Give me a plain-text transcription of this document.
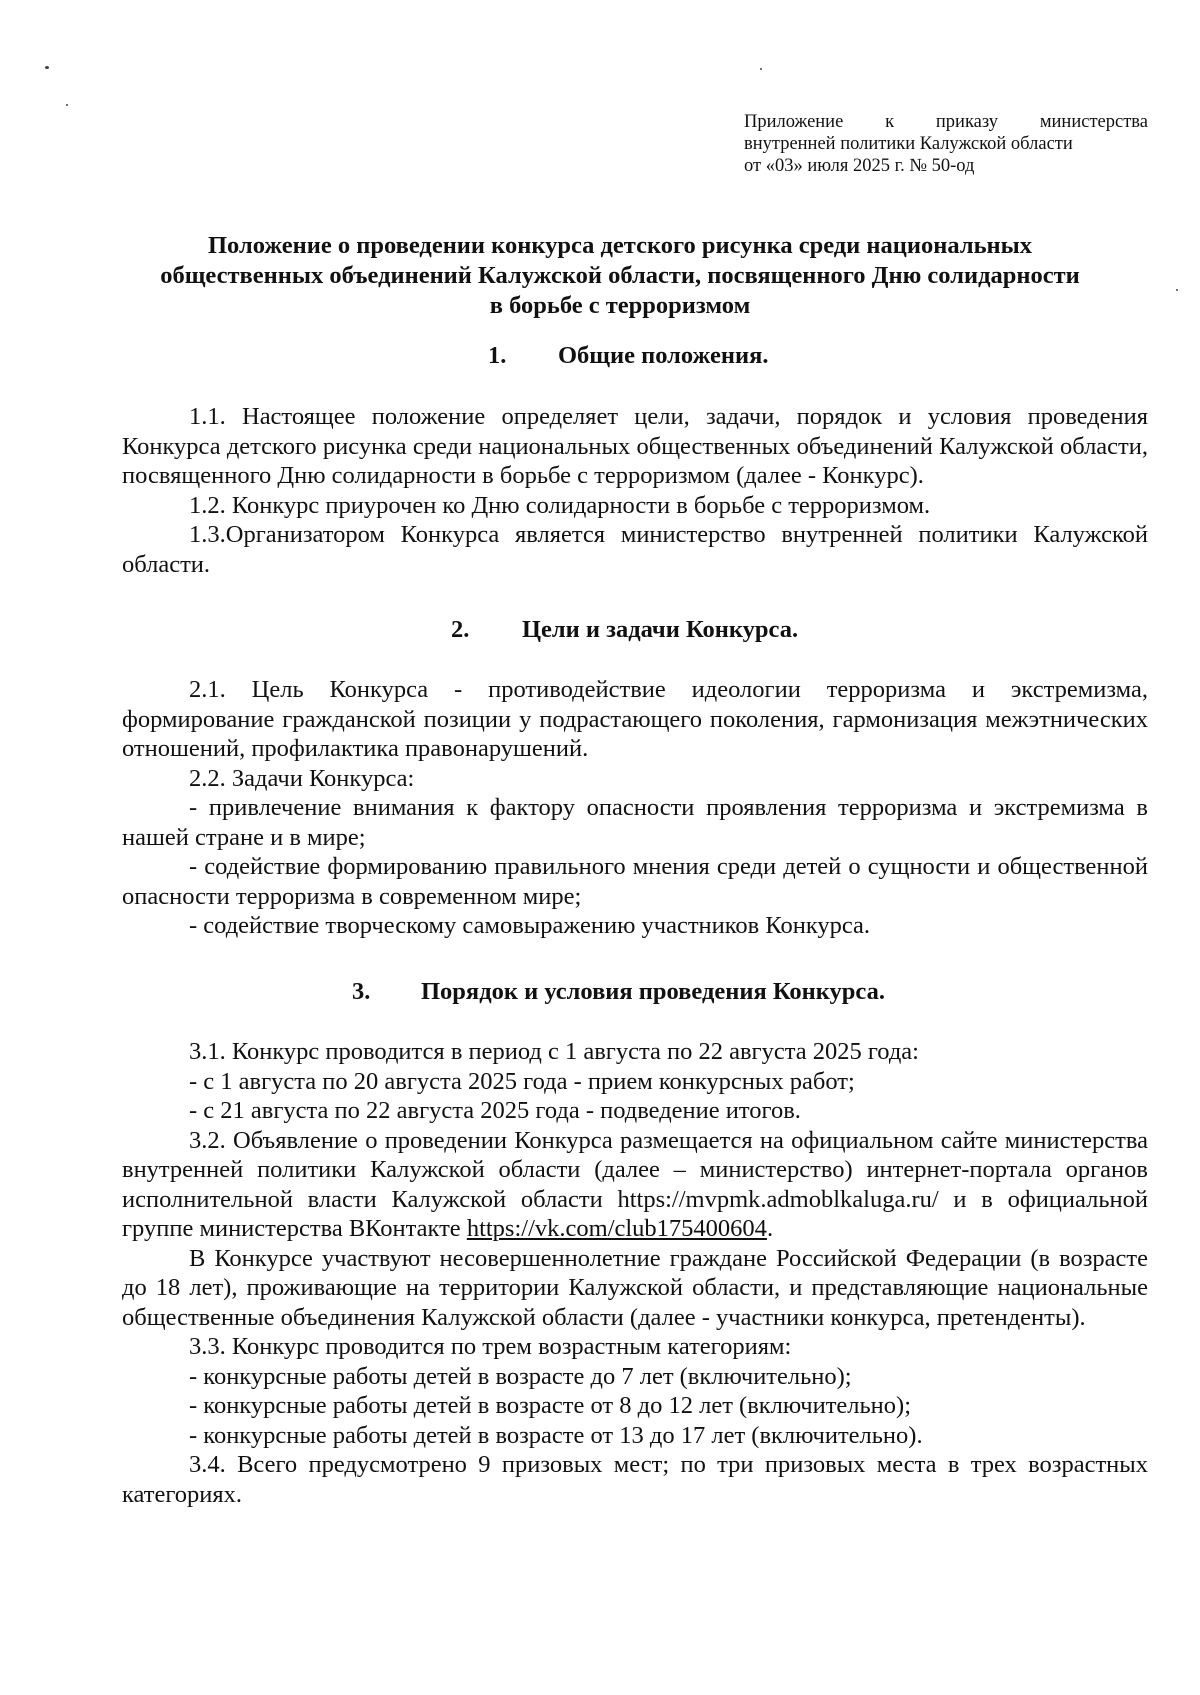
Приложение к приказу министерства
внутренней политики Калужской области
от «03» июля 2025 г. № 50-од
Положение о проведении конкурса детского рисунка среди национальных
общественных объединений Калужской области, посвященного Дню солидарности
в борьбе с терроризмом
1. Общие положения.

1.1. Настоящее положение определяет цели, задачи, порядок и условия проведения Конкурса детского рисунка среди национальных общественных объединений Калужской области, посвященного Дню солидарности в борьбе с терроризмом (далее - Конкурс).

1.2. Конкурс приурочен ко Дню солидарности в борьбе с терроризмом.

1.3.Организатором Конкурса является министерство внутренней политики Калужской области.

2. Цели и задачи Конкурса.

2.1. Цель Конкурса - противодействие идеологии терроризма и экстремизма, формирование гражданской позиции у подрастающего поколения, гармонизация межэтнических отношений, профилактика правонарушений.

2.2. Задачи Конкурса:

- привлечение внимания к фактору опасности проявления терроризма и экстремизма в нашей стране и в мире;

- содействие формированию правильного мнения среди детей о сущности и общественной опасности терроризма в современном мире;

- содействие творческому самовыражению участников Конкурса.

3. Порядок и условия проведения Конкурса.

3.1. Конкурс проводится в период с 1 августа по 22 августа 2025 года:

- с 1 августа по 20 августа 2025 года - прием конкурсных работ;

- с 21 августа по 22 августа 2025 года - подведение итогов.

3.2. Объявление о проведении Конкурса размещается на официальном сайте министерства внутренней политики Калужской области (далее – министерство) интернет-портала органов исполнительной власти Калужской области https://mvpmk.admoblkaluga.ru/ и в официальной группе министерства ВКонтакте https://vk.com/club175400604.

В Конкурсе участвуют несовершеннолетние граждане Российской Федерации (в возрасте до 18 лет), проживающие на территории Калужской области, и представляющие национальные общественные объединения Калужской области (далее - участники конкурса, претенденты).

3.3. Конкурс проводится по трем возрастным категориям:

- конкурсные работы детей в возрасте до 7 лет (включительно);

- конкурсные работы детей в возрасте от 8 до 12 лет (включительно);

- конкурсные работы детей в возрасте от 13 до 17 лет (включительно).

3.4. Всего предусмотрено 9 призовых мест; по три призовых места в трех возрастных категориях.
